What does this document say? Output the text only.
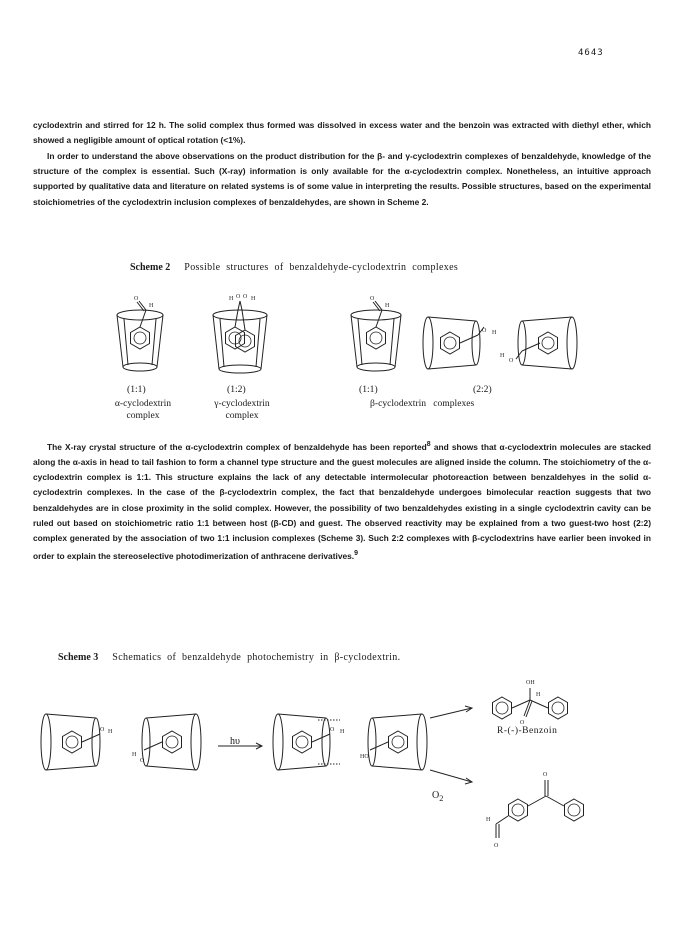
4643

cyclodextrin and stirred for 12 h. The solid complex thus formed was dissolved in excess water and the benzoin was extracted with diethyl ether, which showed a negligible amount of optical rotation (<1%).

In order to understand the above observations on the product distribution for the β- and γ-cyclodextrin complexes of benzaldehyde, knowledge of the structure of the complex is essential. Such (X-ray) information is only available for the α-cyclodextrin complex. Nonetheless, an intuitive approach supported by qualitative data and literature on related systems is of some value in interpreting the results. Possible structures, based on the experimental stoichiometries of the cyclodextrin inclusion complexes of benzaldehydes, are shown in Scheme 2.

Scheme 2 Possible structures of benzaldehyde-cyclodextrin complexes
O
H
H O O H	O
H
O H
H
O
(1:1)	(1:2)	(1:1)	(2:2)
α-cyclodextrin
complex
γ-cyclodextrin
complex
β-cyclodextrin   complexes

The X-ray crystal structure of the α-cyclodextrin complex of benzaldehyde has been reported$^8$ and shows that α-cyclodextrin molecules are stacked along the α-axis in head to tail fashion to form a channel type structure and the guest molecules are aligned inside the column. The stoichiometry of the α-cyclodextrin complex is 1:1. This structure explains the lack of any detectable intermolecular photoreaction between benzaldehyes in the solid α-cyclodextrin complexes. In the case of the β-cyclodextrin complex, the fact that benzaldehyde undergoes bimolecular reaction suggests that two benzaldehydes are in close proximity in the solid complex. However, the possibility of two benzaldehydes existing in a single cyclodextrin cavity can be ruled out based on stoichiometric ratio 1:1 between host (β-CD) and guest. The observed reactivity may be explained from a two guest-two host (2:2) complex generated by the association of two 1:1 inclusion complexes (Scheme 3). Such 2:2 complexes with β-cyclodextrins have earlier been invoked in order to explain the stereoselective photodimerization of anthracene derivatives.$^9$

Scheme 3 Schematics of benzaldehyde photochemistry in β-cyclodextrin.
O H
H
O
O H
HO
OH
H
O
O
H
O
hυ
R-(-)-Benzoin
$O_2$
